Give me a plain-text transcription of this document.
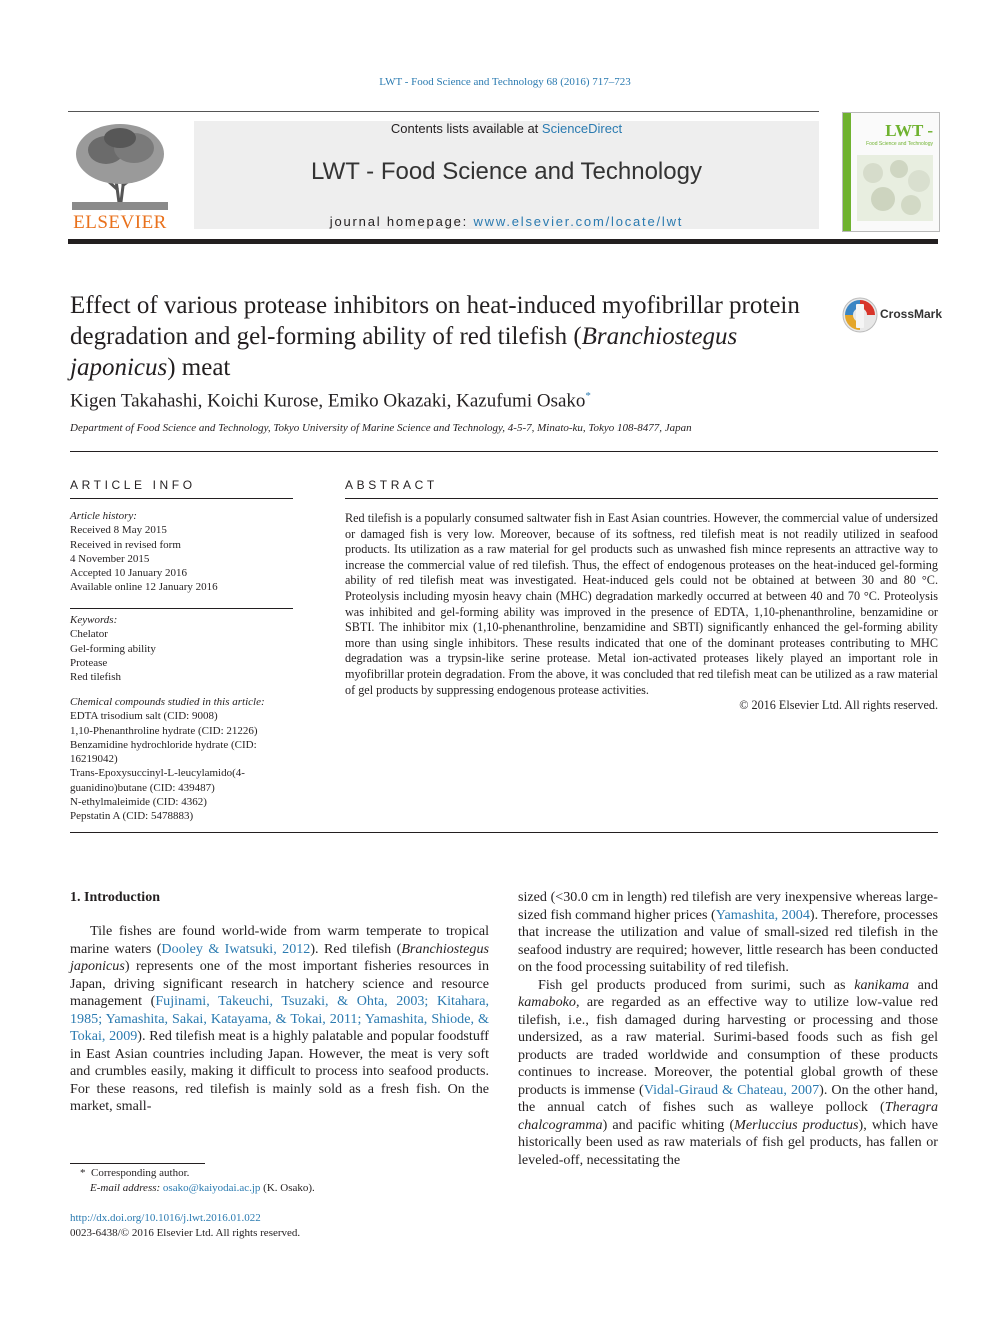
LWT - Food Science and Technology 68 (2016) 717–723
ELSEVIER
Contents lists available at ScienceDirect
LWT - Food Science and Technology
journal homepage: www.elsevier.com/locate/lwt
LWT -
Food Science and Technology
Effect of various protease inhibitors on heat-induced myofibrillar protein degradation and gel-forming ability of red tilefish (Branchiostegus japonicus) meat
CrossMark
Kigen Takahashi, Koichi Kurose, Emiko Okazaki, Kazufumi Osako*
Department of Food Science and Technology, Tokyo University of Marine Science and Technology, 4-5-7, Minato-ku, Tokyo 108-8477, Japan
ARTICLE INFO
Article history:
Received 8 May 2015
Received in revised form
4 November 2015
Accepted 10 January 2016
Available online 12 January 2016
Keywords:
Chelator
Gel-forming ability
Protease
Red tilefish
Chemical compounds studied in this article:
EDTA trisodium salt (CID: 9008)
1,10-Phenanthroline hydrate (CID: 21226)
Benzamidine hydrochloride hydrate (CID:
16219042)
Trans-Epoxysuccinyl-L-leucylamido(4-
guanidino)butane (CID: 439487)
N-ethylmaleimide (CID: 4362)
Pepstatin A (CID: 5478883)
ABSTRACT
Red tilefish is a popularly consumed saltwater fish in East Asian countries. However, the commercial value of undersized or damaged fish is very low. Moreover, because of its softness, red tilefish meat is not readily utilized in seafood products. Its utilization as a raw material for gel products such as unwashed fish mince represents an attractive way to increase the commercial value of red tilefish. Thus, the effect of endogenous proteases on the heat-induced gel-forming ability of red tilefish meat was investigated. Heat-induced gels could not be obtained at between 30 and 80 °C. Proteolysis including myosin heavy chain (MHC) degradation markedly occurred at between 40 and 70 °C. Proteolysis was inhibited and gel-forming ability was improved in the presence of EDTA, 1,10-phenanthroline, benzamidine or SBTI. The inhibitor mix (1,10-phenanthroline, benzamidine and SBTI) significantly enhanced the gel-forming ability more than using single inhibitors. These results indicated that one of the dominant proteases contributing to MHC degradation was a trypsin-like serine protease. Metal ion-activated proteases likely played an important role in myofibrillar protein degradation. From the above, it was concluded that red tilefish meat can be utilized as a raw material of gel products by suppressing endogenous protease activities.
© 2016 Elsevier Ltd. All rights reserved.
1. Introduction

Tile fishes are found world-wide from warm temperate to tropical marine waters (Dooley & Iwatsuki, 2012). Red tilefish (Branchiostegus japonicus) represents one of the most important fisheries resources in Japan, driving significant research in hatchery science and resource management (Fujinami, Takeuchi, Tsuzaki, & Ohta, 2003; Kitahara, 1985; Yamashita, Sakai, Katayama, & Tokai, 2011; Yamashita, Shiode, & Tokai, 2009). Red tilefish meat is a highly palatable and popular foodstuff in East Asian countries including Japan. However, the meat is very soft and crumbles easily, making it difficult to process into seafood products. For these reasons, red tilefish is mainly sold as a fresh fish. On the market, small-

sized (<30.0 cm in length) red tilefish are very inexpensive whereas large-sized fish command higher prices (Yamashita, 2004). Therefore, processes that increase the utilization and value of small-sized red tilefish in the seafood industry are required; however, little research has been conducted on the food processing suitability of red tilefish.

Fish gel products produced from surimi, such as kanikama and kamaboko, are regarded as an effective way to utilize low-value red tilefish, i.e., fish damaged during harvesting or processing and those undersized, as a raw material. Surimi-based foods such as fish gel products are traded worldwide and consumption of these products continues to increase. Moreover, the potential global growth of these products is immense (Vidal-Giraud & Chateau, 2007). On the other hand, the annual catch of fishes such as walleye pollock (Theragra chalcogramma) and pacific whiting (Merluccius productus), which have historically been used as raw materials of fish gel products, has fallen or leveled-off, necessitating the

* Corresponding author.
E-mail address: osako@kaiyodai.ac.jp (K. Osako).
http://dx.doi.org/10.1016/j.lwt.2016.01.022
0023-6438/© 2016 Elsevier Ltd. All rights reserved.
